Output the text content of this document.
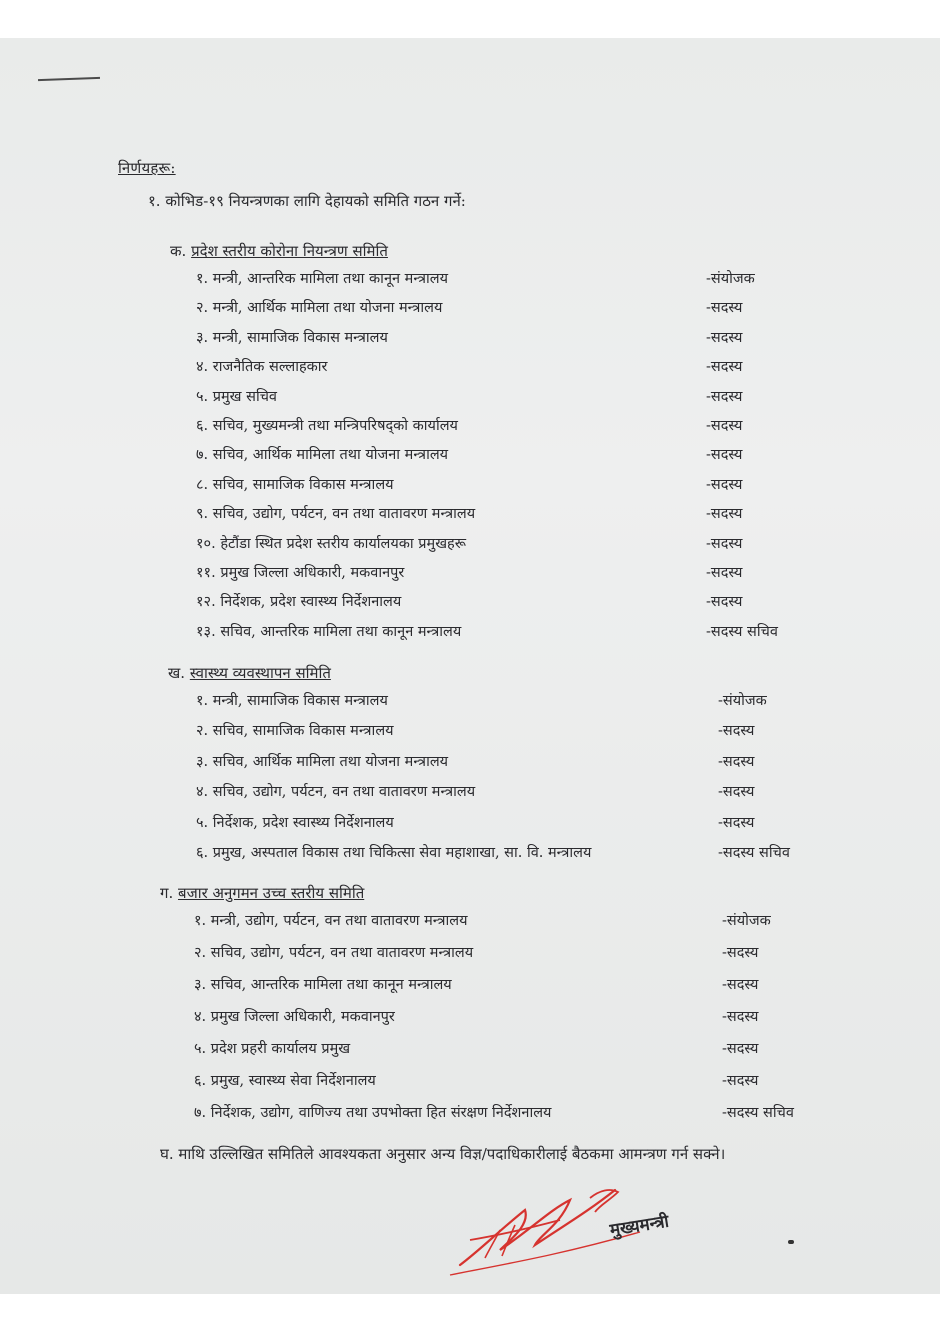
निर्णयहरू:
१. कोभिड-१९ नियन्त्रणका लागि देहायको समिति गठन गर्ने:
क. प्रदेश स्तरीय कोरोना नियन्त्रण समिति
१. मन्त्री, आन्तरिक मामिला तथा कानून मन्त्रालय	-संयोजक
२. मन्त्री, आर्थिक मामिला तथा योजना मन्त्रालय	-सदस्य
३. मन्त्री, सामाजिक विकास मन्त्रालय	-सदस्य
४. राजनैतिक सल्लाहकार	-सदस्य
५. प्रमुख सचिव	-सदस्य
६. सचिव, मुख्यमन्त्री तथा मन्त्रिपरिषद्को कार्यालय	-सदस्य
७. सचिव, आर्थिक मामिला तथा योजना मन्त्रालय	-सदस्य
८. सचिव, सामाजिक विकास मन्त्रालय	-सदस्य
९. सचिव, उद्योग, पर्यटन, वन तथा वातावरण मन्त्रालय	-सदस्य
१०. हेटौंडा स्थित प्रदेश स्तरीय कार्यालयका प्रमुखहरू	-सदस्य
११. प्रमुख जिल्ला अधिकारी, मकवानपुर	-सदस्य
१२. निर्देशक, प्रदेश स्वास्थ्य निर्देशनालय	-सदस्य
१३. सचिव, आन्तरिक मामिला तथा कानून मन्त्रालय	-सदस्य सचिव
ख. स्वास्थ्य व्यवस्थापन समिति
१. मन्त्री, सामाजिक विकास मन्त्रालय	-संयोजक
२. सचिव, सामाजिक विकास मन्त्रालय	-सदस्य
३. सचिव, आर्थिक मामिला तथा योजना मन्त्रालय	-सदस्य
४. सचिव, उद्योग, पर्यटन, वन तथा वातावरण मन्त्रालय	-सदस्य
५. निर्देशक, प्रदेश स्वास्थ्य निर्देशनालय	-सदस्य
६. प्रमुख, अस्पताल विकास तथा चिकित्सा सेवा महाशाखा, सा. वि. मन्त्रालय	-सदस्य सचिव
ग. बजार अनुगमन उच्च स्तरीय समिति
१. मन्त्री, उद्योग, पर्यटन, वन तथा वातावरण मन्त्रालय	-संयोजक
२. सचिव, उद्योग, पर्यटन, वन तथा वातावरण मन्त्रालय	-सदस्य
३. सचिव, आन्तरिक मामिला तथा कानून मन्त्रालय	-सदस्य
४. प्रमुख जिल्ला अधिकारी, मकवानपुर	-सदस्य
५. प्रदेश प्रहरी कार्यालय प्रमुख	-सदस्य
६. प्रमुख, स्वास्थ्य सेवा निर्देशनालय	-सदस्य
७. निर्देशक, उद्योग, वाणिज्य तथा उपभोक्ता हित संरक्षण निर्देशनालय	-सदस्य सचिव
घ. माथि उल्लिखित समितिले आवश्यकता अनुसार अन्य विज्ञ/पदाधिकारीलाई बैठकमा आमन्त्रण गर्न सक्ने।
मुख्यमन्त्री
